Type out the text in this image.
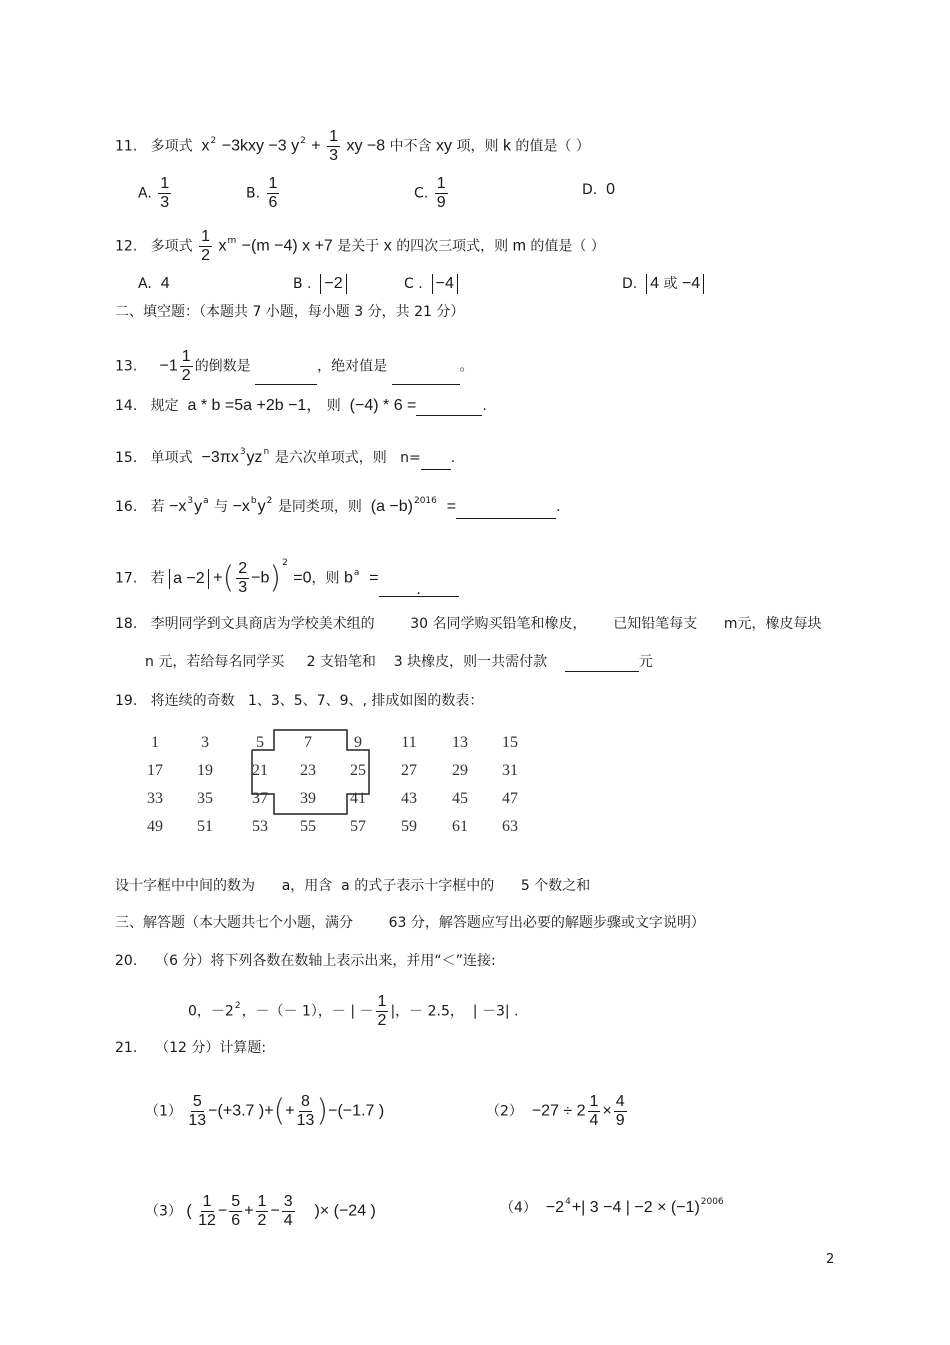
11. 多项式 $x^2 -3kxy -3$ $y^2 + \frac{1}{3}$ xy −8 中不含 xy 项，则 k 的值是（ ）
A. $\frac{1}{3}$	B. $\frac{1}{6}$	C. $\frac{1}{9}$	D. 0
12. 多项式 $\frac{1}{2} x^m -(m -4)$ x +7 是关于 x 的四次三项式，则 m 的值是（ ）
A. 4	B . −2	C . −4	D. 4 或 −4
二、填空题：（本题共 7 小题，每小题 3 分，共 21 分）
13. $-1 \frac{1}{2}$ 的倒数是	，绝对值是	。
14. 规定 a * b =5a +2b −1， 则 (−4) * 6 =	.
15. 单项式 $-3\pi x^3yz^n$ 是六次单项式，则 n= .
16. 若 $-x^3y^a$ 与 $-x^by^2$ 是同类项，则 $(a -b)^{2016}$ =	.
17. 若 a −2 +( $\frac{2}{3} -b)^2 =0$，则 $b^a$ =.
18. 李明同学到文具商店为学校美术组的        30 名同学购买铅笔和橡皮，      已知铅笔每支      m元，橡皮每块
n 元，若给每名同学买     2 支铅笔和    3 块橡皮，则一共需付款	元
19. 将连续的奇数   1、3、5、7、9、, 排成如图的数表：
1	3	5	7	9	11	13	15
17	19	21	23	25	27	29	31
33	35	37	39	41	43	45	47
49	51	53	55	57	59	61	63
设十字框中中间的数为      a，用含  a 的式子表示十字框中的      5 个数之和
三、解答题（本大题共七个小题，满分        63 分，解答题应写出必要的解题步骤或文字说明）
20. （6 分）将下列各数在数轴上表示出来，并用“＜”连接:
0，$-2^2$，－（－ 1），－ | － $\frac{1}{2}$ |，－ 2.5，  | －3| .
21. （12 分）计算题:
$(1) \frac{5}{13} -(+3.7$ )+(+ $\frac{8}{13} )-(-1.7$ )	$(2) -27 \div 2 \frac{1}{4} \times \frac{4}{9}$
（3） ( $\frac{1}{12} - \frac{5}{6} + \frac{1}{2} - \frac{3}{4}$ )× (−24 )	$(4) -2^4+|$ 3 −4 | $-2 \times (-1)^{2006}$
2
